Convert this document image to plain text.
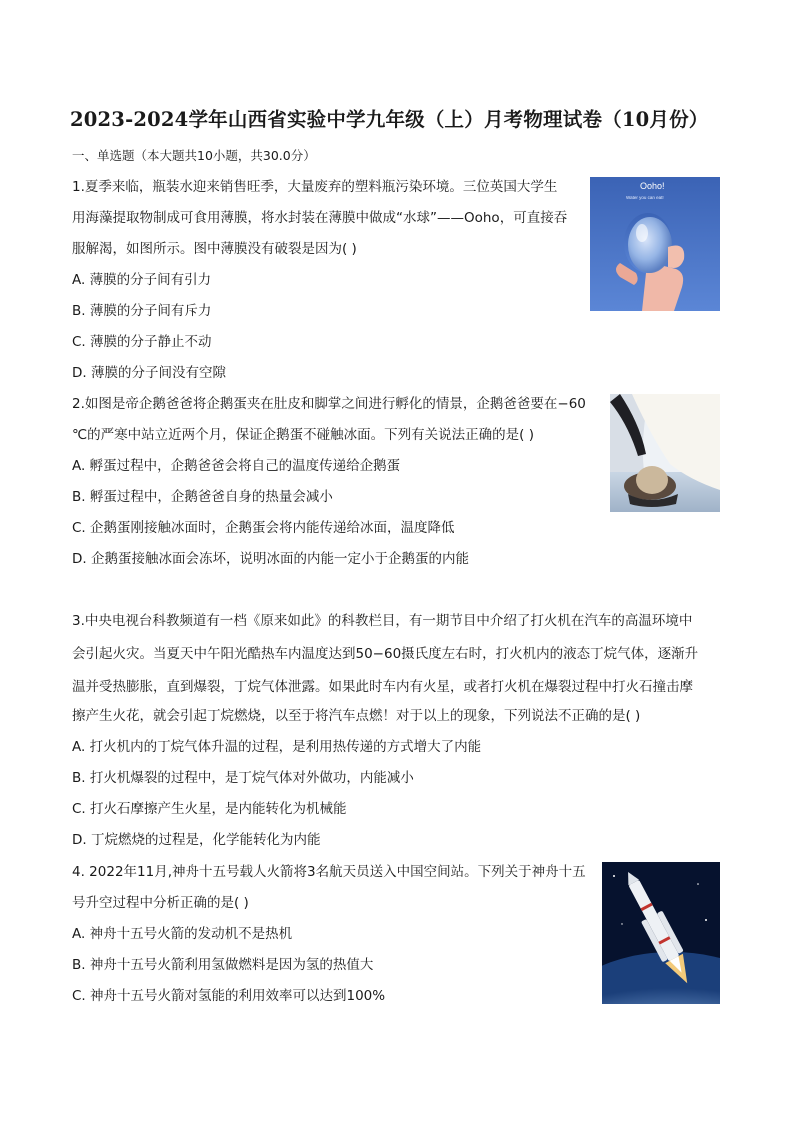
2023-2024学年山西省实验中学九年级（上）月考物理试卷（10月份）
一、单选题（本大题共10小题，共30.0分）
1.夏季来临，瓶装水迎来销售旺季，大量废弃的塑料瓶污染环境。三位英国大学生
用海藻提取物制成可食用薄膜，将水封装在薄膜中做成“水球”——Ooho，可直接吞
服解渴，如图所示。图中薄膜没有破裂是因为( )
A. 薄膜的分子间有引力
B. 薄膜的分子间有斥力
C. 薄膜的分子静止不动
D. 薄膜的分子间没有空隙
Ooho!
Water you can eat!
2.如图是帝企鹅爸爸将企鹅蛋夹在肚皮和脚掌之间进行孵化的情景，企鹅爸爸要在−60
℃的严寒中站立近两个月，保证企鹅蛋不碰触冰面。下列有关说法正确的是( )
A. 孵蛋过程中，企鹅爸爸会将自己的温度传递给企鹅蛋
B. 孵蛋过程中，企鹅爸爸自身的热量会减小
C. 企鹅蛋刚接触冰面时，企鹅蛋会将内能传递给冰面，温度降低
D. 企鹅蛋接触冰面会冻坏，说明冰面的内能一定小于企鹅蛋的内能
3.中央电视台科教频道有一档《原来如此》的科教栏目，有一期节目中介绍了打火机在汽车的高温环境中
会引起火灾。当夏天中午阳光酷热车内温度达到50−60摄氏度左右时，打火机内的液态丁烷气体，逐渐升
温并受热膨胀，直到爆裂，丁烷气体泄露。如果此时车内有火星，或者打火机在爆裂过程中打火石撞击摩
擦产生火花，就会引起丁烷燃烧，以至于将汽车点燃！对于以上的现象，下列说法不正确的是( )
A. 打火机内的丁烷气体升温的过程，是利用热传递的方式增大了内能
B. 打火机爆裂的过程中，是丁烷气体对外做功，内能减小
C. 打火石摩擦产生火星，是内能转化为机械能
D. 丁烷燃烧的过程是，化学能转化为内能
4. 2022年11月,神舟十五号载人火箭将3名航天员送入中国空间站。下列关于神舟十五
号升空过程中分析正确的是( )
A. 神舟十五号火箭的发动机不是热机
B. 神舟十五号火箭利用氢做燃料是因为氢的热值大
C. 神舟十五号火箭对氢能的利用效率可以达到100%
